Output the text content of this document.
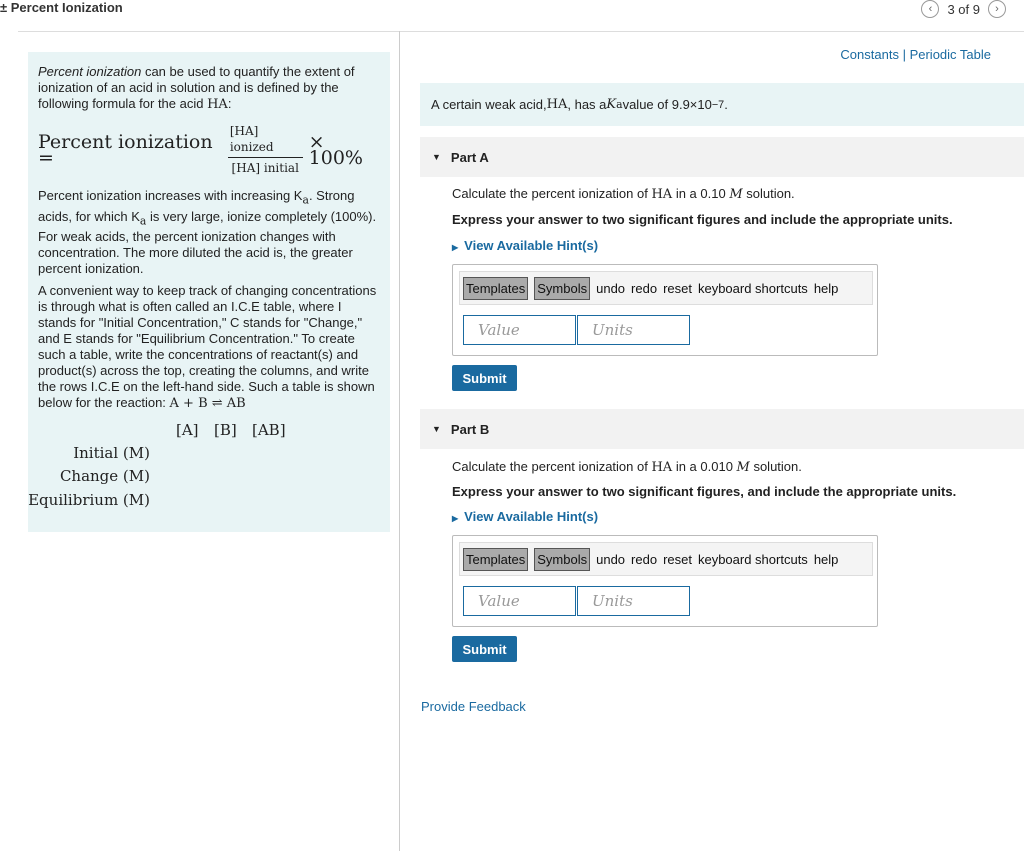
± Percent Ionization	‹	3 of 9	›

Percent ionization can be used to quantify the extent of ionization of an acid in solution and is defined by the following formula for the acid HA:

Percent ionization =	$\frac{\text{[HA] ionized}}{\text{[HA] initial}} \times 100\%$

Percent ionization increases with increasing $K_a$. Strong acids, for which $K_a$ is very large, ionize completely (100%). For weak acids, the percent ionization changes with concentration. The more diluted the acid is, the greater percent ionization.

A convenient way to keep track of changing concentrations is through what is often called an I.C.E table, where I stands for "Initial Concentration," C stands for "Change," and E stands for "Equilibrium Concentration." To create such a table, write the concentrations of reactant(s) and product(s) across the top, creating the columns, and write the rows I.C.E on the left-hand side. Such a table is shown below for the reaction: A + B ⇌ AB

[A] [B] [AB]
Initial (M)
Change (M)
Equilibrium (M)
Constants | Periodic Table
A certain weak acid, HA , has a K a value of 9.9×10 −7 .
▼ Part A
Calculate the percent ionization of HA in a 0.10 M solution.
Express your answer to two significant figures and include the appropriate units.
▶ View Available Hint(s)
Templates Symbols undo redo reset keyboard shortcuts help
Value	Units
Submit
▼ Part B
Calculate the percent ionization of HA in a 0.010 M solution.
Express your answer to two significant figures, and include the appropriate units.
▶ View Available Hint(s)
Templates Symbols undo redo reset keyboard shortcuts help
Value	Units
Submit
Provide Feedback
